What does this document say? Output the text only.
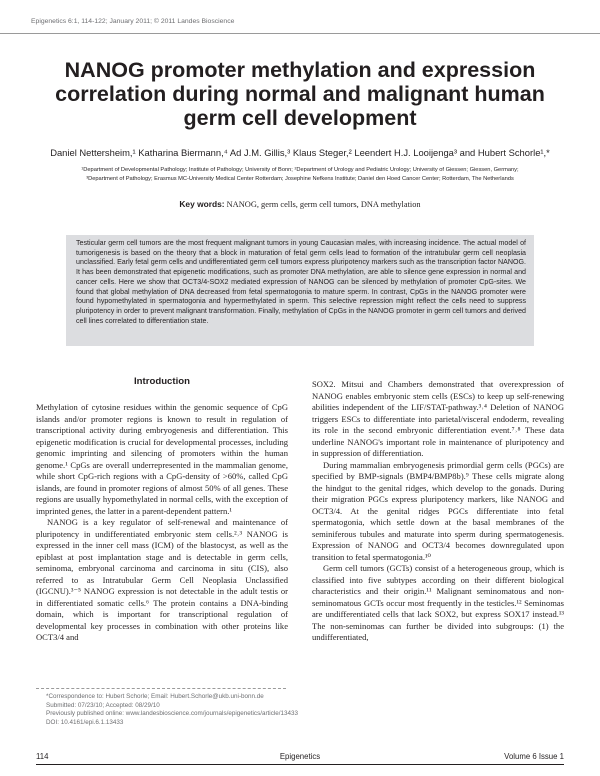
Epigenetics 6:1, 114-122; January 2011; © 2011 Landes Bioscience
NANOG promoter methylation and expression
correlation during normal and malignant human
germ cell development
Daniel Nettersheim,¹ Katharina Biermann,⁴ Ad J.M. Gillis,³ Klaus Steger,² Leendert H.J. Looijenga³ and Hubert Schorle¹,*
¹Department of Developmental Pathology; Institute of Pathology; University of Bonn; ²Department of Urology and Pediatric Urology; University of Giessen; Giessen, Germany;
³Department of Pathology; Erasmus MC-University Medical Center Rotterdam; Josephine Nefkens Institute; Daniel den Hoed Cancer Center; Rotterdam, The Netherlands
Key words: NANOG, germ cells, germ cell tumors, DNA methylation
Testicular germ cell tumors are the most frequent malignant tumors in young Caucasian males, with increasing incidence. The actual model of tumorigenesis is based on the theory that a block in maturation of fetal germ cells lead to formation of the intratubular germ cell neoplasia unclassified. Early fetal germ cells and undifferentiated germ cell tumors express pluripotency markers such as the transcription factor NANOG. It has been demonstrated that epigenetic modifications, such as promoter DNA methylation, are able to silence gene expression in normal and cancer cells. Here we show that OCT3/4-SOX2 mediated expression of NANOG can be silenced by methylation of promoter CpG-sites. We found that global methylation of DNA decreased from fetal spermatogonia to mature sperm. In contrast, CpGs in the NANOG promoter were found hypomethylated in spermatogonia and hypermethylated in sperm. This selective repression might reflect the cells need to suppress pluripotency in order to prevent malignant transformation. Finally, methylation of CpGs in the NANOG promoter in germ cell tumors and derived cell lines correlated to differentiation state.
Introduction

Methylation of cytosine residues within the genomic sequence of CpG islands and/or promoter regions is known to result in regulation of transcriptional activity during embryogenesis and differentiation. This epigenetic modification is crucial for developmental processes, including genomic imprinting and silencing of promoters within the human genome.¹ CpGs are overall underrepresented in the mammalian genome, while short CpG-rich regions with a CpG-density of >60%, called CpG islands, are found in promoter regions of almost 50% of all genes. These regions are usually hypomethylated in normal cells, with the exception of imprinted genes, the latter in a parent-dependent pattern.¹

NANOG is a key regulator of self-renewal and maintenance of pluripotency in undifferentiated embryonic stem cells.²˒³ NANOG is expressed in the inner cell mass (ICM) of the blastocyst, as well as the epiblast at post implantation stage and is detectable in germ cells, seminoma, embryonal carcinoma and carcinoma in situ (CIS), also referred to as Intratubular Germ Cell Neoplasia Unclassified (IGCNU).³⁻⁵ NANOG expression is not detectable in the adult testis or in differentiated somatic cells.⁶ The protein contains a DNA-binding domain, which is important for transcriptional regulation of developmental key processes in combination with other proteins like OCT3/4 and

SOX2. Mitsui and Chambers demonstrated that overexpression of NANOG enables embryonic stem cells (ESCs) to keep up self-renewing abilities independent of the LIF/STAT-pathway.³˒⁴ Deletion of NANOG triggers ESCs to differentiate into parietal/visceral endoderm, revealing its role in the second embryonic differentiation event.⁷˒⁸ These data underline NANOG's important role in maintenance of pluripotency and in suppression of differentiation.

During mammalian embryogenesis primordial germ cells (PGCs) are specified by BMP-signals (BMP4/BMP8b).⁹ These cells migrate along the hindgut to the genital ridges, which develop to the gonads. During their migration PGCs express pluripotency markers, like NANOG and OCT3/4. At the genital ridges PGCs differentiate into fetal spermatogonia, which settle down at the basal membranes of the seminiferous tubules and maturate into sperm during spermatogenesis. Expression of NANOG and OCT3/4 becomes downregulated upon transition to fetal spermatogonia.¹⁰

Germ cell tumors (GCTs) consist of a heterogeneous group, which is classified into five subtypes according on their different biological characteristics and their origin.¹¹ Malignant seminomatous and non-seminomatous GCTs occur most frequently in the testicles.¹² Seminomas are undifferentiated cells that lack SOX2, but express SOX17 instead.¹³ The non-seminomas can further be divided into subgroups: (1) the undifferentiated,

*Correspondence to: Hubert Schorle; Email: Hubert.Schorle@ukb.uni-bonn.de
Submitted: 07/23/10; Accepted: 08/29/10
Previously published online: www.landesbioscience.com/journals/epigenetics/article/13433
DOI: 10.4161/epi.6.1.13433
114	Epigenetics	Volume 6 Issue 1
